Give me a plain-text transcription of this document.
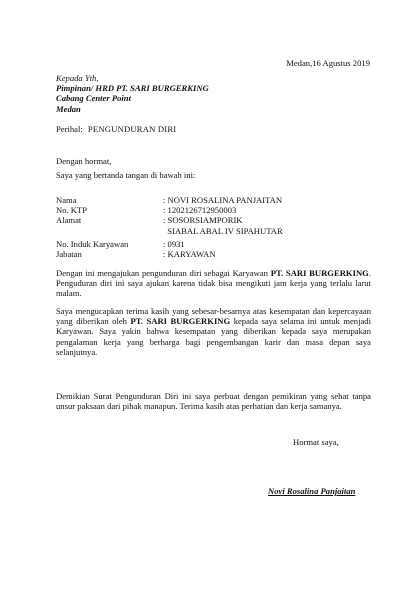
Medan,16 Agustus 2019
Kepada Yth,
Pimpinan/ HRD PT. SARI BURGERKING
Cabang Center Point
Medan
Perihal: PENGUNDURAN DIRI
Dengan hormat,
Saya yang bertanda tangan di bawah ini:
Nama	: NOVI ROSALINA PANJAITAN
No. KTP	: 1202126712950003
Alamat	: SOSORSIAMPORIK
SIABAL ABAL IV SIPAHUTAR
No. Induk Karyawan	: 0931
Jabatan	: KARYAWAN
Dengan ini mengajukan pengunduran diri sebagai Karyawan PT. SARI BURGERKING. Penguduran diri ini saya ajukan karena tidak bisa mengikuti jam kerja yang terlalu larut malam.
Saya mengucapkan terima kasih yang sebesar-besarnya atas kesempatan dan kepercayaan yang diberikan oleh PT. SARI BURGERKING kepada saya selama ini untuk menjadi Karyawan. Saya yakin bahwa kesempatan yang diberikan kepada saya merupakan pengalaman kerja yang berharga bagi pengembangan karir dan masa depan saya selanjutnya.
Demikian Surat Pengunduran Diri ini saya perbuat dengan pemikiran yang sehat tanpa unsur paksaan dari pihak manapun. Terima kasih atas perhatian dan kerja samanya.
Hormat saya,
Novi Rosalina Panjaitan
